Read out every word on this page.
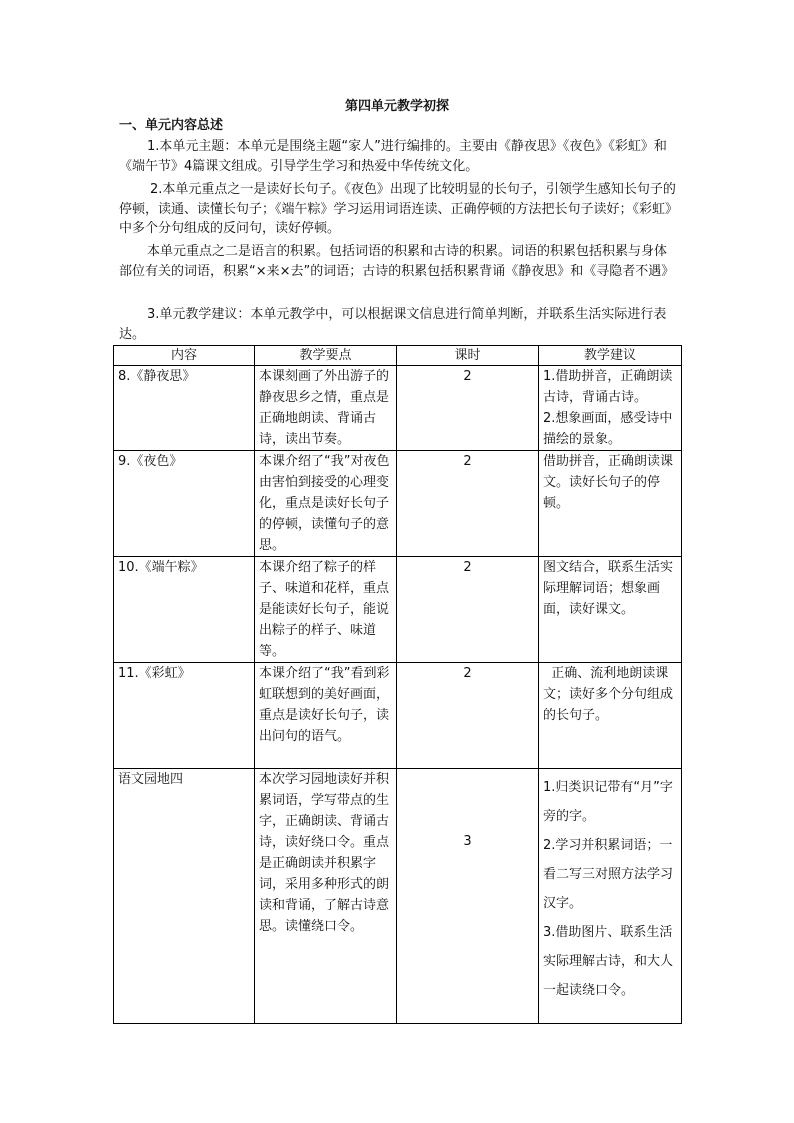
第四单元教学初探
一、单元内容总述
1.本单元主题：本单元是围绕主题“家人”进行编排的。主要由《静夜思》《夜色》《彩虹》和《端午节》4篇课文组成。引导学生学习和热爱中华传统文化。
2.本单元重点之一是读好长句子。《夜色》出现了比较明显的长句子，引领学生感知长句子的停顿，读通、读懂长句子；《端午粽》学习运用词语连读、正确停顿的方法把长句子读好；《彩虹》中多个分句组成的反问句，读好停顿。
本单元重点之二是语言的积累。包括词语的积累和古诗的积累。词语的积累包括积累与身体部位有关的词语，积累“×来×去”的词语；古诗的积累包括积累背诵《静夜思》和《寻隐者不遇》
3.单元教学建议：本单元教学中，可以根据课文信息进行简单判断，并联系生活实际进行表达。
内容	教学要点	课时	教学建议
8.《静夜思》	本课刻画了外出游子的静夜思乡之情，重点是正确地朗读、背诵古诗，读出节奏。	2	1.借助拼音，正确朗读古诗，背诵古诗。

2.想象画面，感受诗中描绘的景象。

9.《夜色》	本课介绍了“我”对夜色由害怕到接受的心理变化，重点是读好长句子的停顿，读懂句子的意思。	2	借助拼音，正确朗读课文。读好长句子的停顿。

10.《端午粽》	本课介绍了粽子的样子、味道和花样，重点是能读好长句子，能说出粽子的样子、味道等。	2	图文结合，联系生活实际理解词语；想象画面，读好课文。

11.《彩虹》	本课介绍了“我”看到彩虹联想到的美好画面，重点是读好长句子，读出问句的语气。	2	正确、流利地朗读课文；读好多个分句组成的长句子。

语文园地四	本次学习园地读好并积累词语，学写带点的生字，正确朗读、背诵古诗，读好绕口令。重点是正确朗读并积累字词，采用多种形式的朗读和背诵，了解古诗意思。读懂绕口令。	3	1.归类识记带有“月”字旁的字。

2.学习并积累词语；一看二写三对照方法学习汉字。

3.借助图片、联系生活实际理解古诗，和大人一起读绕口令。
